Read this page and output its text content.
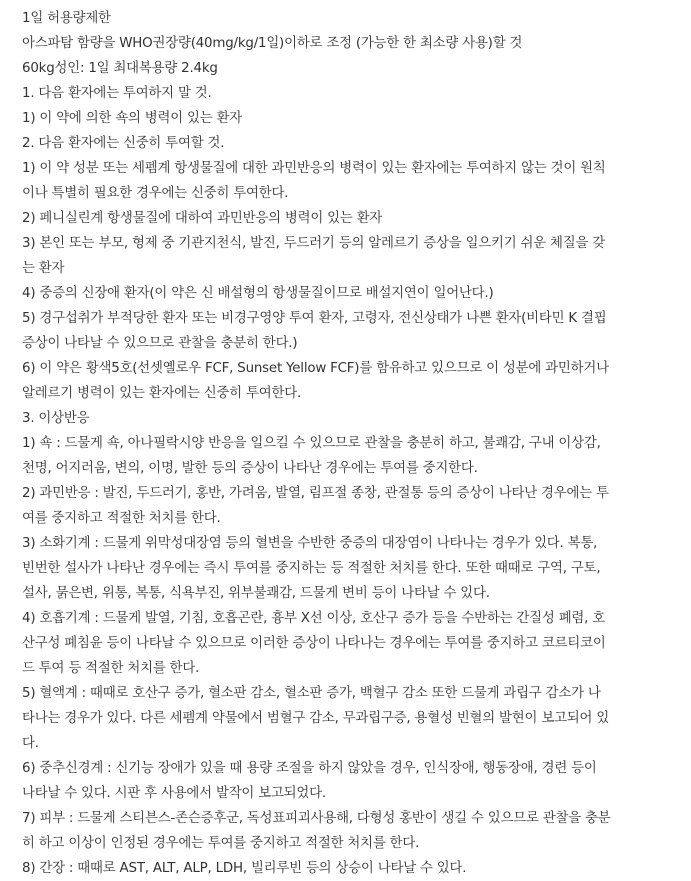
1일 허용량제한
아스파탐 함량을 WHO권장량(40mg/kg/1일)이하로 조정 (가능한 한 최소량 사용)할 것
60kg성인: 1일 최대복용량 2.4kg
1. 다음 환자에는 투여하지 말 것.
1) 이 약에 의한 쇽의 병력이 있는 환자
2. 다음 환자에는 신중히 투여할 것.
1) 이 약 성분 또는 세펨계 항생물질에 대한 과민반응의 병력이 있는 환자에는 투여하지 않는 것이 원칙
이나 특별히 필요한 경우에는 신중히 투여한다.
2) 페니실린계 항생물질에 대하여 과민반응의 병력이 있는 환자
3) 본인 또는 부모, 형제 중 기관지천식, 발진, 두드러기 등의 알레르기 증상을 일으키기 쉬운 체질을 갖
는 환자
4) 중증의 신장애 환자(이 약은 신 배설형의 항생물질이므로 배설지연이 일어난다.)
5) 경구섭취가 부적당한 환자 또는 비경구영양 투여 환자, 고령자, 전신상태가 나쁜 환자(비타민 K 결핍
증상이 나타날 수 있으므로 관찰을 충분히 한다.)
6) 이 약은 황색5호(선셋옐로우 FCF, Sunset Yellow FCF)를 함유하고 있으므로 이 성분에 과민하거나
알레르기 병력이 있는 환자에는 신중히 투여한다.
3. 이상반응
1) 쇽 : 드물게 쇽, 아나필락시양 반응을 일으킬 수 있으므로 관찰을 충분히 하고, 불쾌감, 구내 이상감,
천명, 어지러움, 변의, 이명, 발한 등의 증상이 나타난 경우에는 투여를 중지한다.
2) 과민반응 : 발진, 두드러기, 홍반, 가려움, 발열, 림프절 종창, 관절통 등의 증상이 나타난 경우에는 투
여를 중지하고 적절한 처치를 한다.
3) 소화기계 : 드물게 위막성대장염 등의 혈변을 수반한 중증의 대장염이 나타나는 경우가 있다. 복통,
빈번한 설사가 나타난 경우에는 즉시 투여를 중지하는 등 적절한 처치를 한다. 또한 때때로 구역, 구토,
설사, 묽은변, 위통, 복통, 식욕부진, 위부불쾌감, 드물게 변비 등이 나타날 수 있다.
4) 호흡기계 : 드물게 발열, 기침, 호흡곤란, 흉부 X선 이상, 호산구 증가 등을 수반하는 간질성 폐렴, 호
산구성 폐침윤 등이 나타날 수 있으므로 이러한 증상이 나타나는 경우에는 투여를 중지하고 코르티코이
드 투여 등 적절한 처치를 한다.
5) 혈액계 : 때때로 호산구 증가, 혈소판 감소, 혈소판 증가, 백혈구 감소 또한 드물게 과립구 감소가 나
타나는 경우가 있다. 다른 세펨계 약물에서 범혈구 감소, 무과립구증, 용혈성 빈혈의 발현이 보고되어 있
다.
6) 중추신경계 : 신기능 장애가 있을 때 용량 조절을 하지 않았을 경우, 인식장애, 행동장애, 경련 등이
나타날 수 있다. 시판 후 사용에서 발작이 보고되었다.
7) 피부 : 드물게 스티븐스-존슨증후군, 독성표피괴사용해, 다형성 홍반이 생길 수 있으므로 관찰을 충분
히 하고 이상이 인정된 경우에는 투여를 중지하고 적절한 처치를 한다.
8) 간장 : 때때로 AST, ALT, ALP, LDH, 빌리루빈 등의 상승이 나타날 수 있다.
